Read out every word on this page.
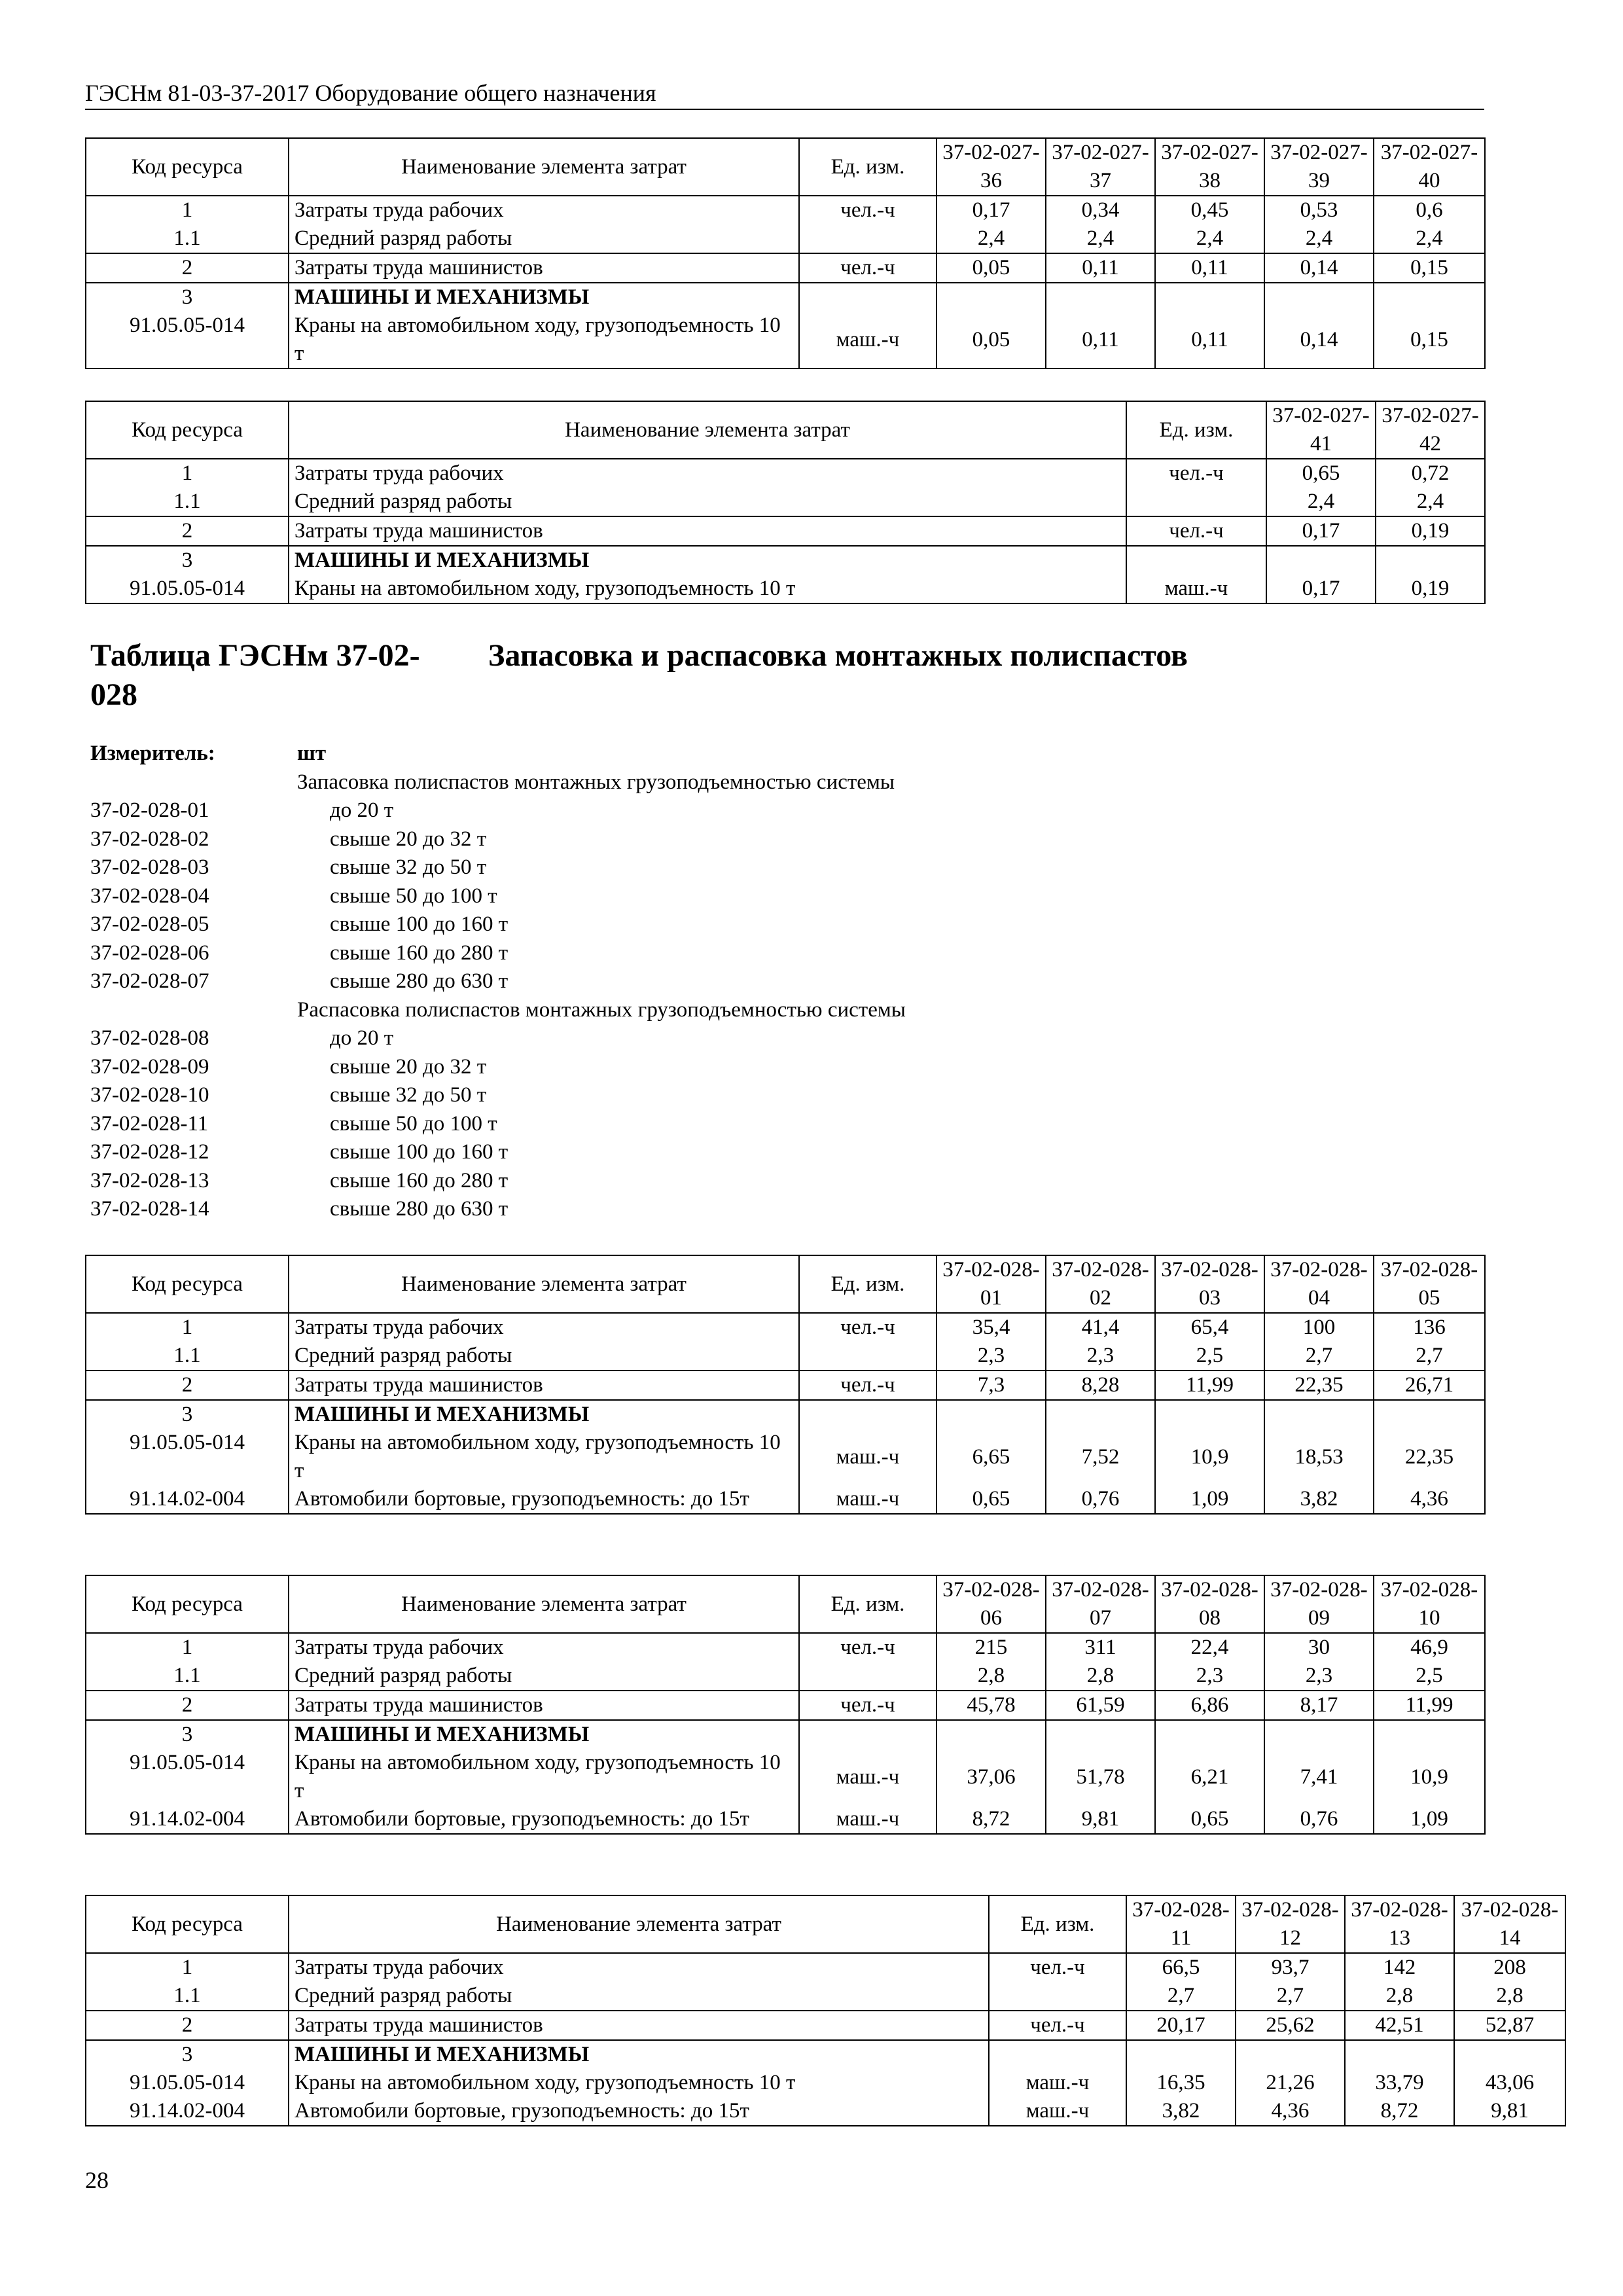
ГЭСНм 81-03-37-2017 Оборудование общего назначения
Код ресурса	Наименование элемента затрат	Ед. изм.	37-02-027-36	37-02-027-37	37-02-027-38	37-02-027-39	37-02-027-40
1	Затраты труда рабочих	чел.-ч	0,17	0,34	0,45	0,53	0,6
1.1	Средний разряд работы		2,4	2,4	2,4	2,4	2,4
2	Затраты труда машинистов	чел.-ч	0,05	0,11	0,11	0,14	0,15
3	МАШИНЫ И МЕХАНИЗМЫ						
91.05.05-014	Краны на автомобильном ходу, грузоподъемность 10 т	маш.-ч	0,05	0,11	0,11	0,14	0,15
Код ресурса	Наименование элемента затрат	Ед. изм.	37-02-027-41	37-02-027-42
1	Затраты труда рабочих	чел.-ч	0,65	0,72
1.1	Средний разряд работы		2,4	2,4
2	Затраты труда машинистов	чел.-ч	0,17	0,19
3	МАШИНЫ И МЕХАНИЗМЫ			
91.05.05-014	Краны на автомобильном ходу, грузоподъемность 10 т	маш.-ч	0,17	0,19
Таблица ГЭСНм 37-02-028
Запасовка и распасовка монтажных полиспастов
Измеритель:	шт
Запасовка полиспастов монтажных грузоподъемностью системы
37-02-028-01	до 20 т
37-02-028-02	свыше 20 до 32 т
37-02-028-03	свыше 32 до 50 т
37-02-028-04	свыше 50 до 100 т
37-02-028-05	свыше 100 до 160 т
37-02-028-06	свыше 160 до 280 т
37-02-028-07	свыше 280 до 630 т
Распасовка полиспастов монтажных грузоподъемностью системы
37-02-028-08	до 20 т
37-02-028-09	свыше 20 до 32 т
37-02-028-10	свыше 32 до 50 т
37-02-028-11	свыше 50 до 100 т
37-02-028-12	свыше 100 до 160 т
37-02-028-13	свыше 160 до 280 т
37-02-028-14	свыше 280 до 630 т
Код ресурса	Наименование элемента затрат	Ед. изм.	37-02-028-01	37-02-028-02	37-02-028-03	37-02-028-04	37-02-028-05
1	Затраты труда рабочих	чел.-ч	35,4	41,4	65,4	100	136
1.1	Средний разряд работы		2,3	2,3	2,5	2,7	2,7
2	Затраты труда машинистов	чел.-ч	7,3	8,28	11,99	22,35	26,71
3	МАШИНЫ И МЕХАНИЗМЫ						
91.05.05-014	Краны на автомобильном ходу, грузоподъемность 10 т	маш.-ч	6,65	7,52	10,9	18,53	22,35
91.14.02-004	Автомобили бортовые, грузоподъемность: до 15т	маш.-ч	0,65	0,76	1,09	3,82	4,36
Код ресурса	Наименование элемента затрат	Ед. изм.	37-02-028-06	37-02-028-07	37-02-028-08	37-02-028-09	37-02-028-10
1	Затраты труда рабочих	чел.-ч	215	311	22,4	30	46,9
1.1	Средний разряд работы		2,8	2,8	2,3	2,3	2,5
2	Затраты труда машинистов	чел.-ч	45,78	61,59	6,86	8,17	11,99
3	МАШИНЫ И МЕХАНИЗМЫ						
91.05.05-014	Краны на автомобильном ходу, грузоподъемность 10 т	маш.-ч	37,06	51,78	6,21	7,41	10,9
91.14.02-004	Автомобили бортовые, грузоподъемность: до 15т	маш.-ч	8,72	9,81	0,65	0,76	1,09
Код ресурса	Наименование элемента затрат	Ед. изм.	37-02-028-11	37-02-028-12	37-02-028-13	37-02-028-14
1	Затраты труда рабочих	чел.-ч	66,5	93,7	142	208
1.1	Средний разряд работы		2,7	2,7	2,8	2,8
2	Затраты труда машинистов	чел.-ч	20,17	25,62	42,51	52,87
3	МАШИНЫ И МЕХАНИЗМЫ					
91.05.05-014	Краны на автомобильном ходу, грузоподъемность 10 т	маш.-ч	16,35	21,26	33,79	43,06
91.14.02-004	Автомобили бортовые, грузоподъемность: до 15т	маш.-ч	3,82	4,36	8,72	9,81
28
